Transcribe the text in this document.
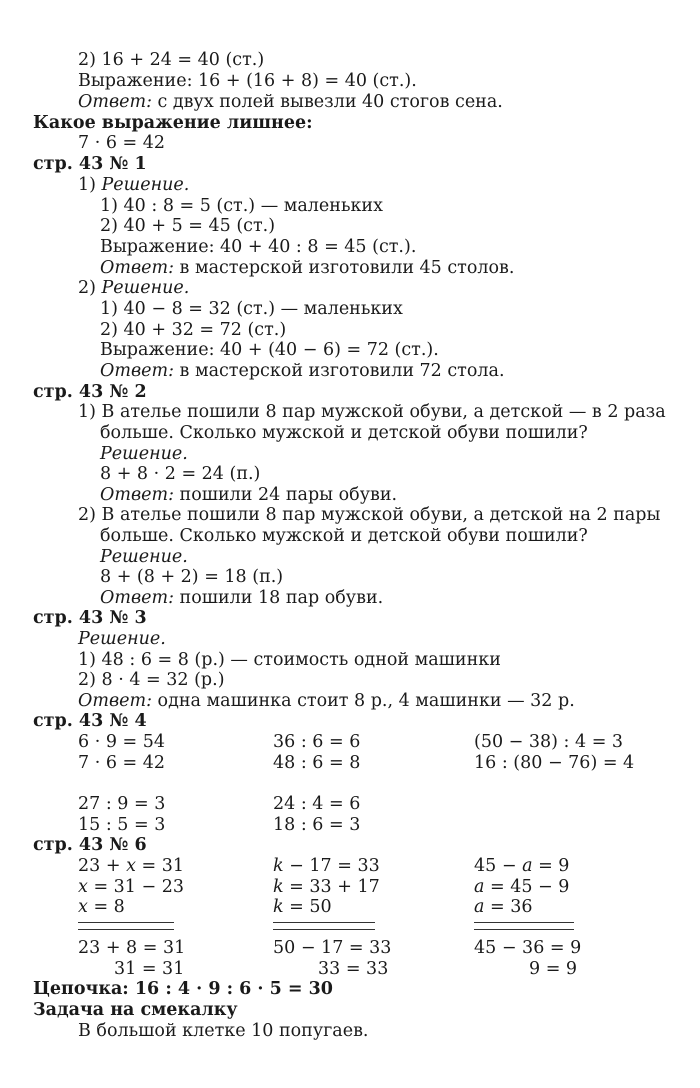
2) 16 + 24 = 40 (ст.)
Выражение: 16 + (16 + 8) = 40 (ст.).
Ответ: с двух полей вывезли 40 стогов сена.
Какое выражение лишнее:
7 · 6 = 42
стр. 43 № 1
1) Решение.
1) 40 : 8 = 5 (ст.) — маленьких
2) 40 + 5 = 45 (ст.)
Выражение: 40 + 40 : 8 = 45 (ст.).
Ответ: в мастерской изготовили 45 столов.
2) Решение.
1) 40 − 8 = 32 (ст.) — маленьких
2) 40 + 32 = 72 (ст.)
Выражение: 40 + (40 − 6) = 72 (ст.).
Ответ: в мастерской изготовили 72 стола.
стр. 43 № 2
1) В ателье пошили 8 пар мужской обуви, а детской — в 2 раза
больше. Сколько мужской и детской обуви пошили?
Решение.
8 + 8 · 2 = 24 (п.)
Ответ: пошили 24 пары обуви.
2) В ателье пошили 8 пар мужской обуви, а детской на 2 пары
больше. Сколько мужской и детской обуви пошили?
Решение.
8 + (8 + 2) = 18 (п.)
Ответ: пошили 18 пар обуви.
стр. 43 № 3
Решение.
1) 48 : 6 = 8 (р.) — стоимость одной машинки
2) 8 · 4 = 32 (р.)
Ответ: одна машинка стоит 8 р., 4 машинки — 32 р.
стр. 43 № 4
6 · 9 = 54
7 · 6 = 42
27 : 9 = 3
15 : 5 = 3
36 : 6 = 6
48 : 6 = 8
24 : 4 = 6
18 : 6 = 3
(50 − 38) : 4 = 3
16 : (80 − 76) = 4
стр. 43 № 6
23 + x = 31
x = 31 − 23
x = 8
23 + 8 = 31
31 = 31
k − 17 = 33
k = 33 + 17
k = 50
50 − 17 = 33
33 = 33
45 − a = 9
a = 45 − 9
a = 36
45 − 36 = 9
9 = 9
Цепочка: 16 : 4 · 9 : 6 · 5 = 30
Задача на смекалку
В большой клетке 10 попугаев.
